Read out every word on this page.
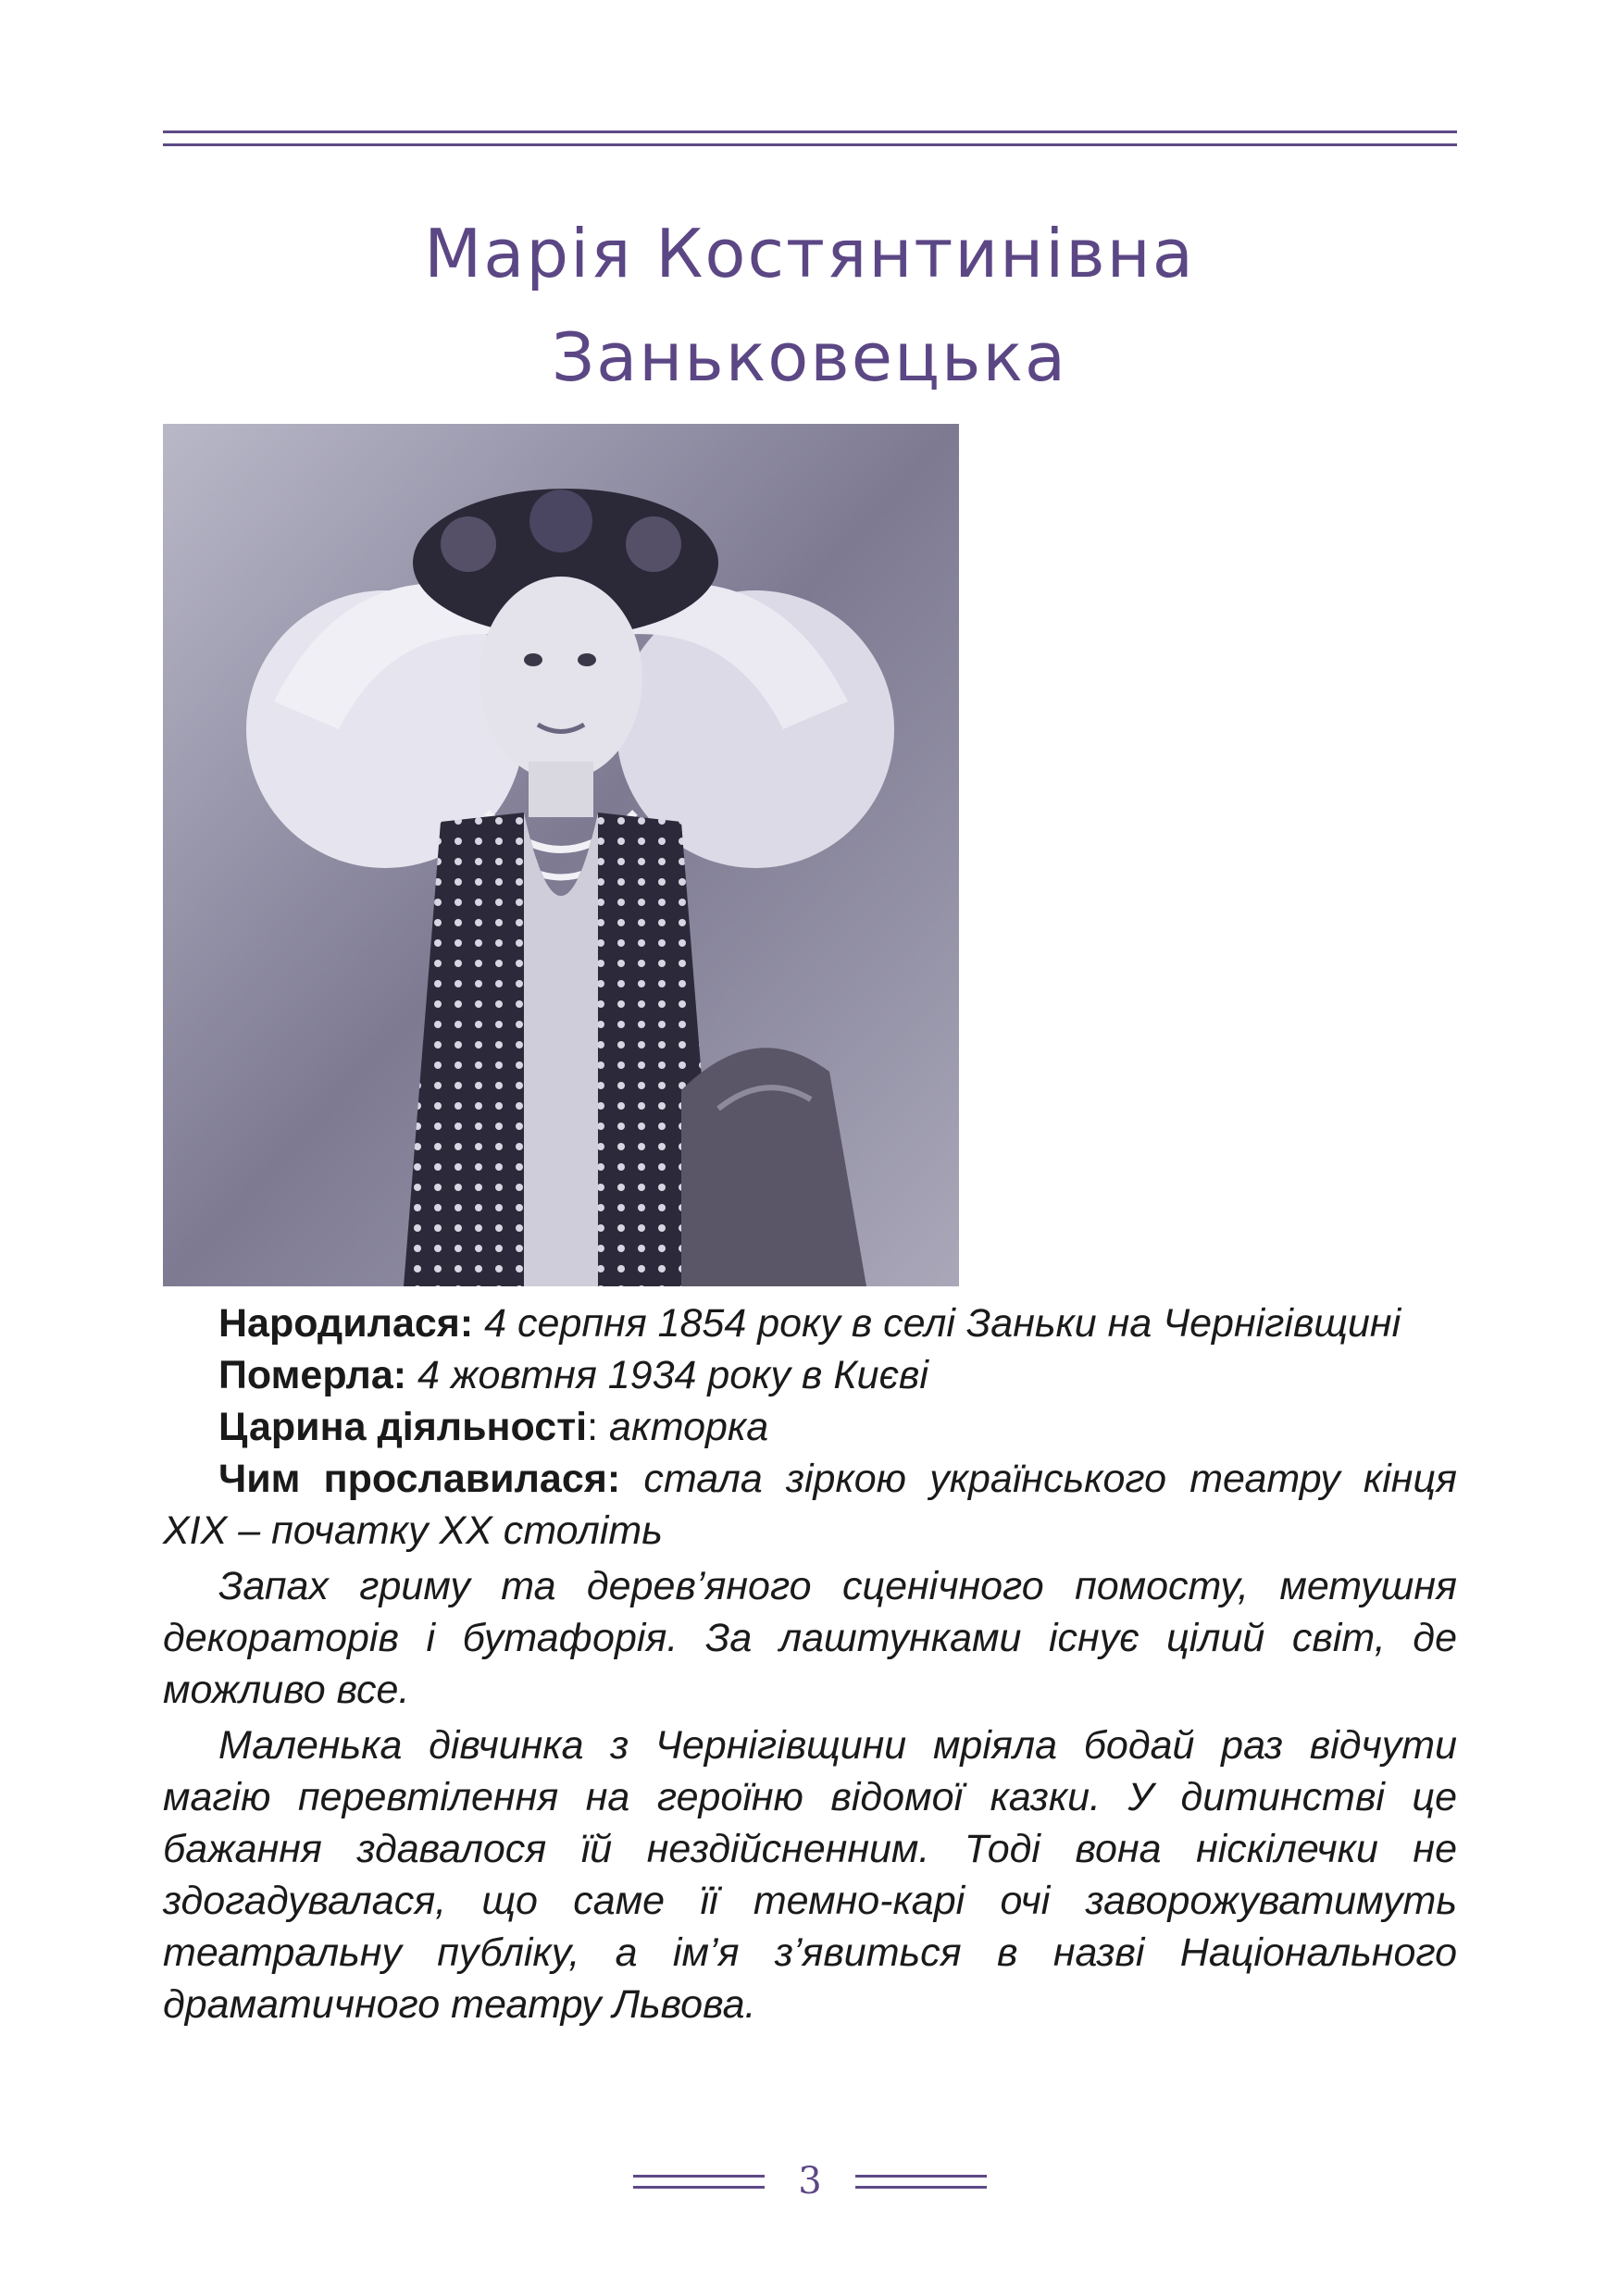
Марія Костянтинівна
Заньковецька

Народилася: 4 серпня 1854 року в селі Заньки на Чернігівщині

Померла: 4 жовтня 1934 року в Києві

Царина діяльності: акторка

Чим прославилася: стала зіркою українського театру кінця XIX – початку XX століть

Запах гриму та дерев’яного сценічного помосту, метушня декораторів і бутафорія. За лаштунками існує цілий світ, де можливо все.

Маленька дівчинка з Чернігівщини мріяла бодай раз відчути магію перевтілення на героїню відомої казки. У дитинстві це бажання здавалося їй нездійсненним. Тоді вона ніскілечки не здогадувалася, що саме її темно-карі очі заворожуватимуть театральну публіку, а ім’я з’явиться в назві Національного драматичного театру Львова.

3
